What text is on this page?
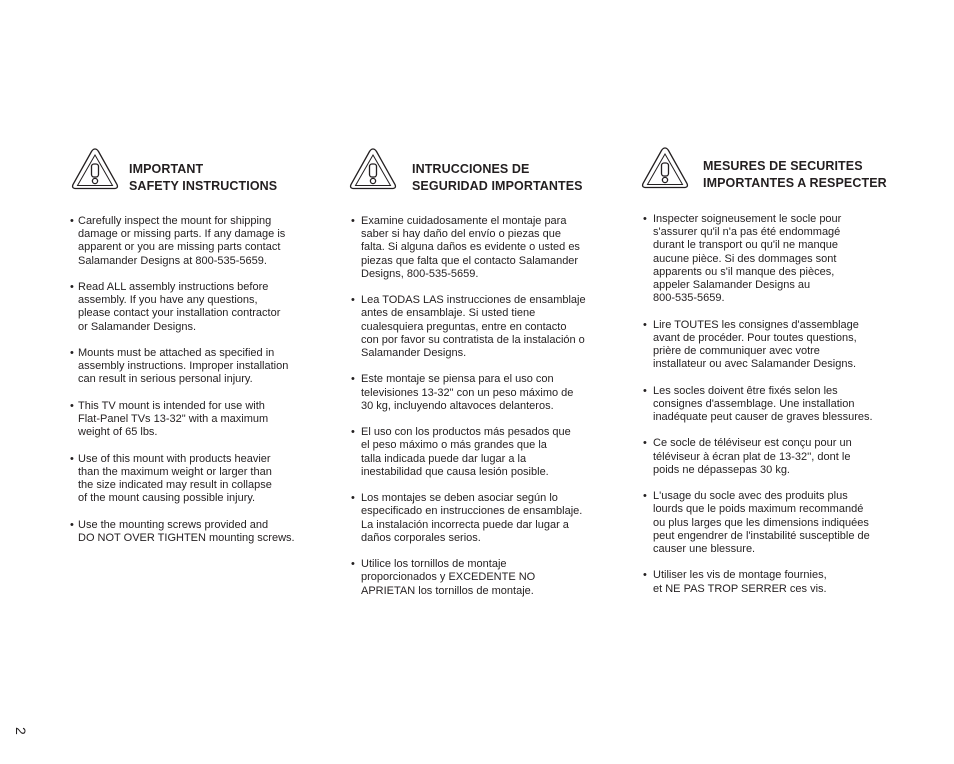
IMPORTANT
SAFETY INSTRUCTIONS
• Carefully inspect the mount for shipping
damage or missing parts. If any damage is
apparent or you are missing parts contact
Salamander Designs at 800-535-5659.
• Read ALL assembly instructions before
assembly. If you have any questions,
please contact your installation contractor
or Salamander Designs.
• Mounts must be attached as specified in
assembly instructions. Improper installation
can result in serious personal injury.
• This TV mount is intended for use with
Flat-Panel TVs 13-32" with a maximum
weight of 65 lbs.
• Use of this mount with products heavier
than the maximum weight or larger than
the size indicated may result in collapse
of the mount causing possible injury.
• Use the mounting screws provided and
DO NOT OVER TIGHTEN mounting screws.
INTRUCCIONES DE
SEGURIDAD IMPORTANTES
• Examine cuidadosamente el montaje para
saber si hay daño del envío o piezas que
falta. Si alguna daños es evidente o usted es
piezas que falta que el contacto Salamander
Designs, 800-535-5659.
• Lea TODAS LAS instrucciones de ensamblaje
antes de ensamblaje. Si usted tiene
cualesquiera preguntas, entre en contacto
con por favor su contratista de la instalación o
Salamander Designs.
• Este montaje se piensa para el uso con
televisiones 13-32" con un peso máximo de
30 kg, incluyendo altavoces delanteros.
• El uso con los productos más pesados que
el peso máximo o más grandes que la
talla indicada puede dar lugar a la
inestabilidad que causa lesión posible.
• Los montajes se deben asociar según lo
especificado en instrucciones de ensamblaje.
La instalación incorrecta puede dar lugar a
daños corporales serios.
• Utilice los tornillos de montaje
proporcionados y EXCEDENTE NO
APRIETAN los tornillos de montaje.
MESURES DE SECURITES
IMPORTANTES A RESPECTER
• Inspecter soigneusement le socle pour
s'assurer qu'il n'a pas été endommagé
durant le transport ou qu'il ne manque
aucune pièce. Si des dommages sont
apparents ou s'il manque des pièces,
appeler Salamander Designs au
800-535-5659.
• Lire TOUTES les consignes d'assemblage
avant de procéder. Pour toutes questions,
prière de communiquer avec votre
installateur ou avec Salamander Designs.
• Les socles doivent être fixés selon les
consignes d'assemblage. Une installation
inadéquate peut causer de graves blessures.
• Ce socle de téléviseur est conçu pour un
téléviseur à écran plat de 13-32'', dont le
poids ne dépassepas 30 kg.
• L'usage du socle avec des produits plus
lourds que le poids maximum recommandé
ou plus larges que les dimensions indiquées
peut engendrer de l'instabilité susceptible de
causer une blessure.
• Utiliser les vis de montage fournies,
et NE PAS TROP SERRER ces vis.
2
